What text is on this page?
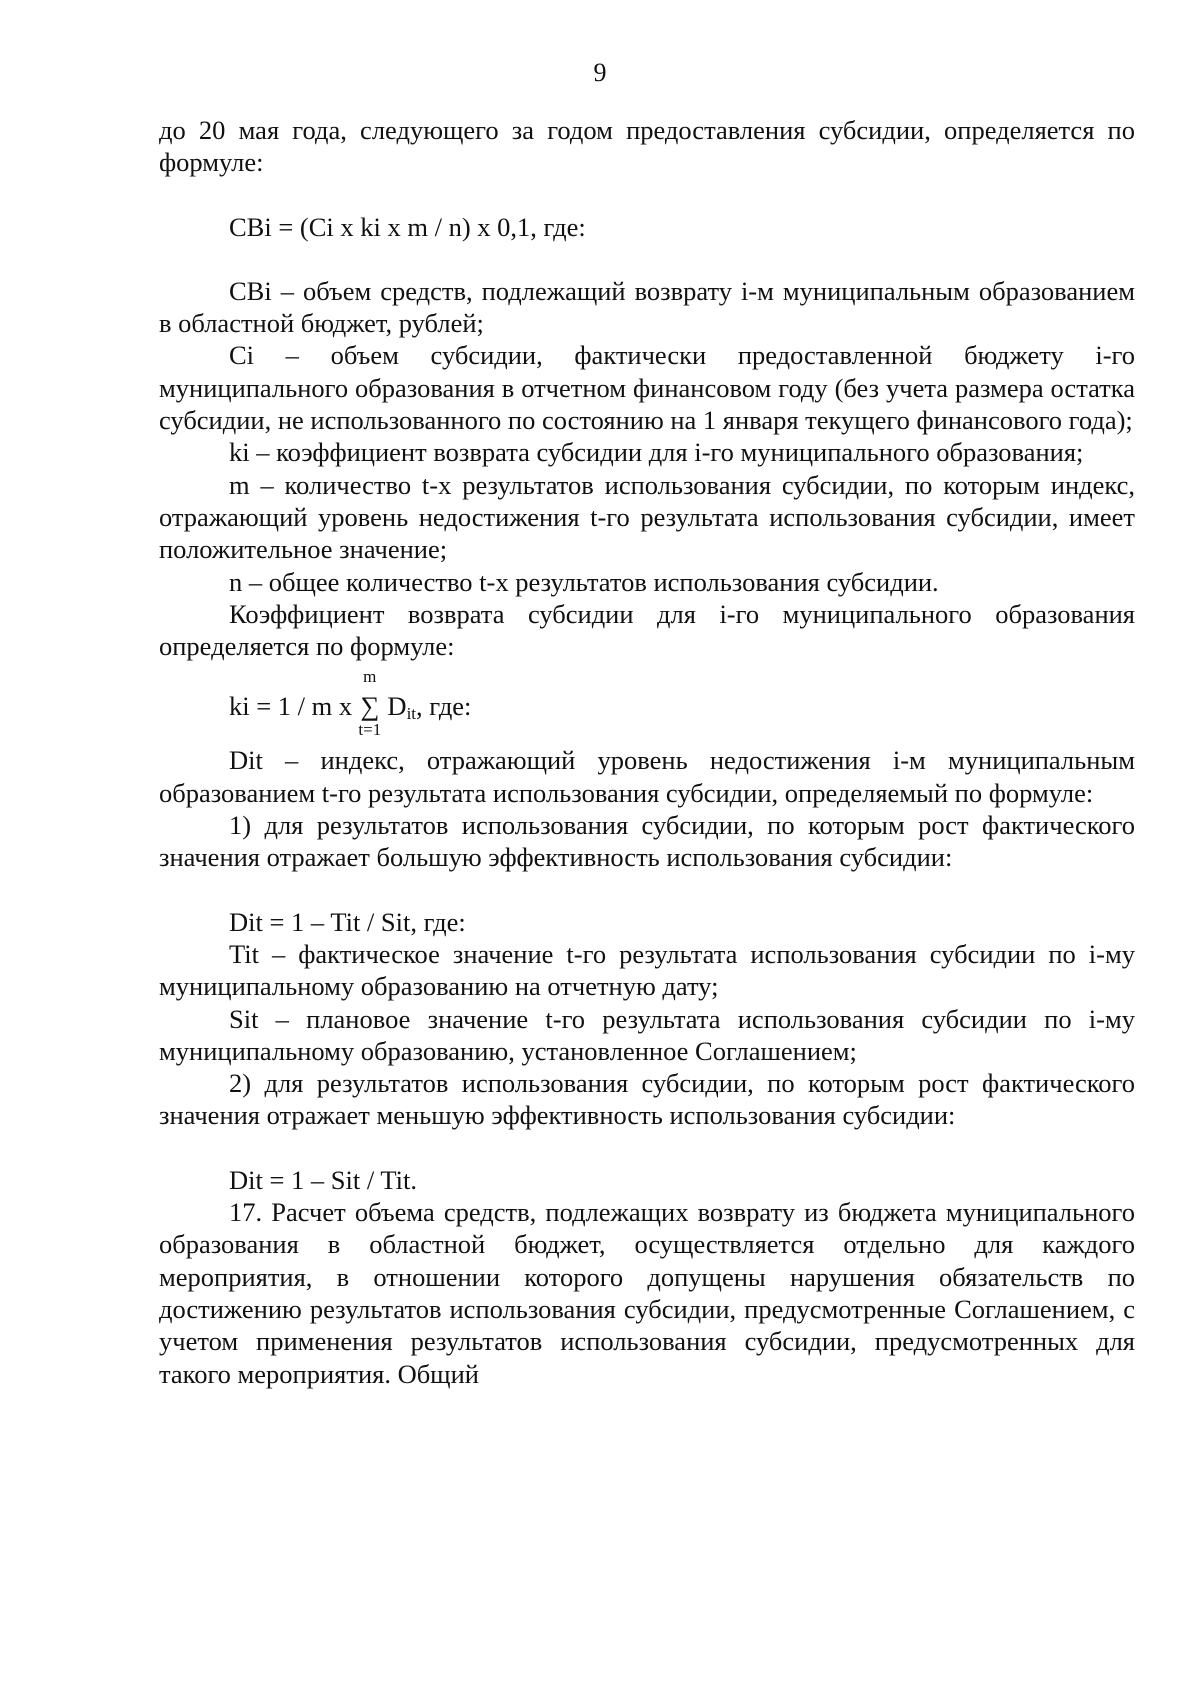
9

до 20 мая года, следующего за годом предоставления субсидии, определяется по формуле:

CBi = (Ci x ki x m / n) x 0,1, где:

CBi – объем средств, подлежащий возврату i-м муниципальным образованием в областной бюджет, рублей;

Ci – объем субсидии, фактически предоставленной бюджету i-го муниципального образования в отчетном финансовом году (без учета размера остатка субсидии, не использованного по состоянию на 1 января текущего финансового года);

ki – коэффициент возврата субсидии для i-го муниципального образования;

m – количество t-х результатов использования субсидии, по которым индекс, отражающий уровень недостижения t-го результата использования субсидии, имеет положительное значение;

n – общее количество t-х результатов использования субсидии.

Коэффициент возврата субсидии для i-го муниципального образования определяется по формуле:

ki = 1 / m x
m
∑
t=1
$D_{it}$, где:

Dit – индекс, отражающий уровень недостижения i-м муниципальным образованием t-го результата использования субсидии, определяемый по формуле:

1) для результатов использования субсидии, по которым рост фактического значения отражает большую эффективность использования субсидии:

Dit = 1 – Tit / Sit, где:

Tit – фактическое значение t-го результата использования субсидии по i-му муниципальному образованию на отчетную дату;

Sit – плановое значение t-го результата использования субсидии по i-му муниципальному образованию, установленное Соглашением;

2) для результатов использования субсидии, по которым рост фактического значения отражает меньшую эффективность использования субсидии:

Dit = 1 – Sit / Tit.

17. Расчет объема средств, подлежащих возврату из бюджета муниципального образования в областной бюджет, осуществляется отдельно для каждого мероприятия, в отношении которого допущены нарушения обязательств по достижению результатов использования субсидии, предусмотренные Соглашением, с учетом применения результатов использования субсидии, предусмотренных для такого мероприятия. Общий
